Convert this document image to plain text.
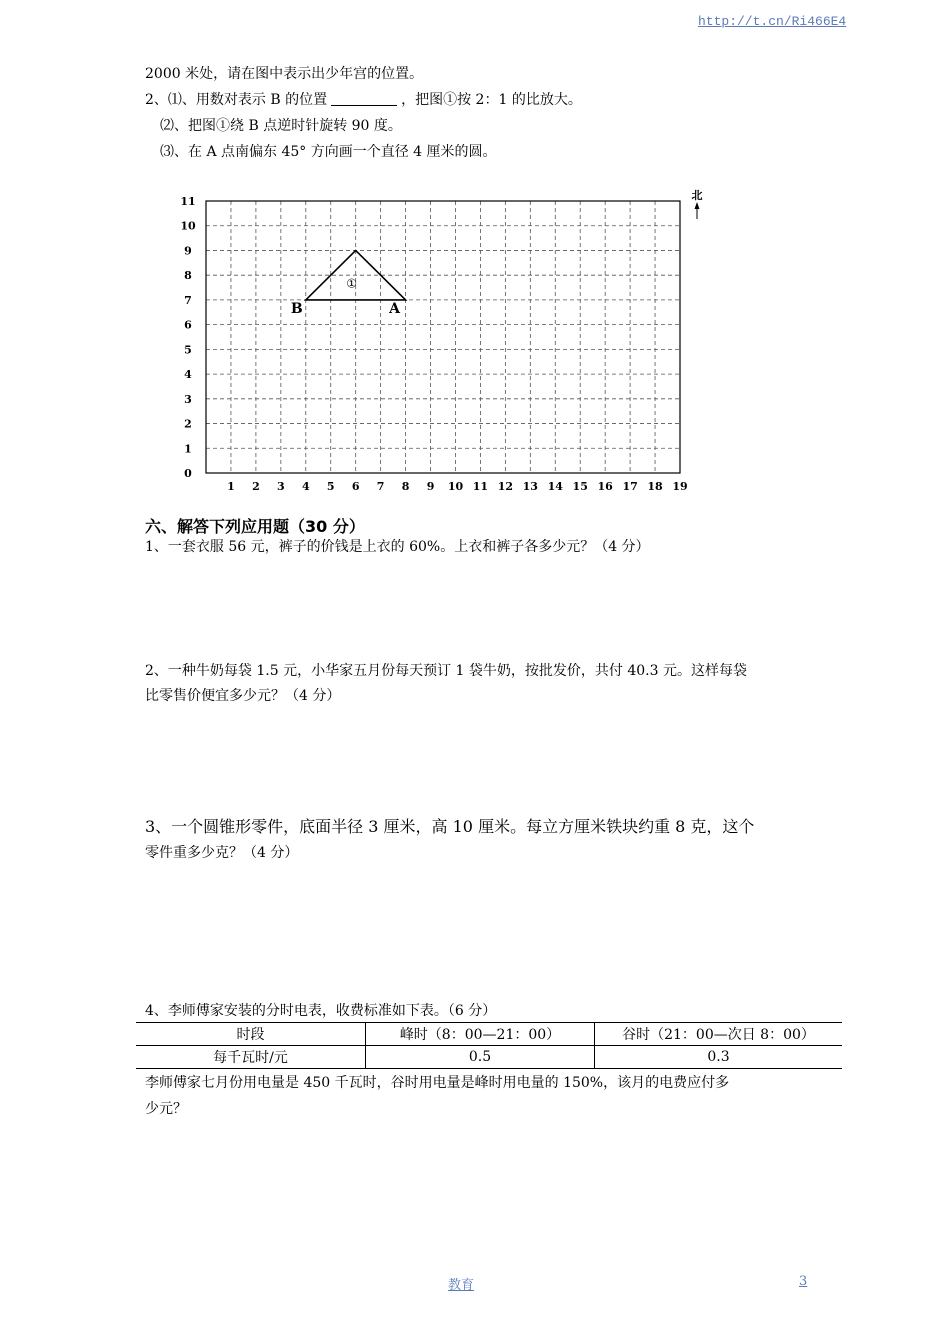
http://t.cn/Ri466E4
2000 米处，请在图中表示出少年宫的位置。
2、⑴、用数对表示 B 的位置	，把图①按 2：1 的比放大。
⑵、把图①绕 B 点逆时针旋转 90 度。
⑶、在 A 点南偏东 45° 方向画一个直径 4 厘米的圆。
1 2 3 4 5 6 7 8 9 10 11 12 13 14 15 16 17 18 19
0
1
2
3
4
5
6
7
8
9
10
11	北
B	A
①
六、解答下列应用题（30 分）
1、一套衣服 56 元，裤子的价钱是上衣的 60%。上衣和裤子各多少元？（4 分）
2、一种牛奶每袋 1.5 元，小华家五月份每天预订 1 袋牛奶，按批发价，共付 40.3 元。这样每袋
比零售价便宜多少元？（4 分）
3、一个圆锥形零件，底面半径 3 厘米，高 10 厘米。每立方厘米铁块约重 8 克，这个
零件重多少克？（4 分）
4、李师傅家安装的分时电表，收费标准如下表。（6 分）
时段	峰时（8：00—21：00）	谷时（21：00—次日 8：00）
每千瓦时/元	0.5	0.3
李师傅家七月份用电量是 450 千瓦时，谷时用电量是峰时用电量的 150%，该月的电费应付多
少元？
教育	3
